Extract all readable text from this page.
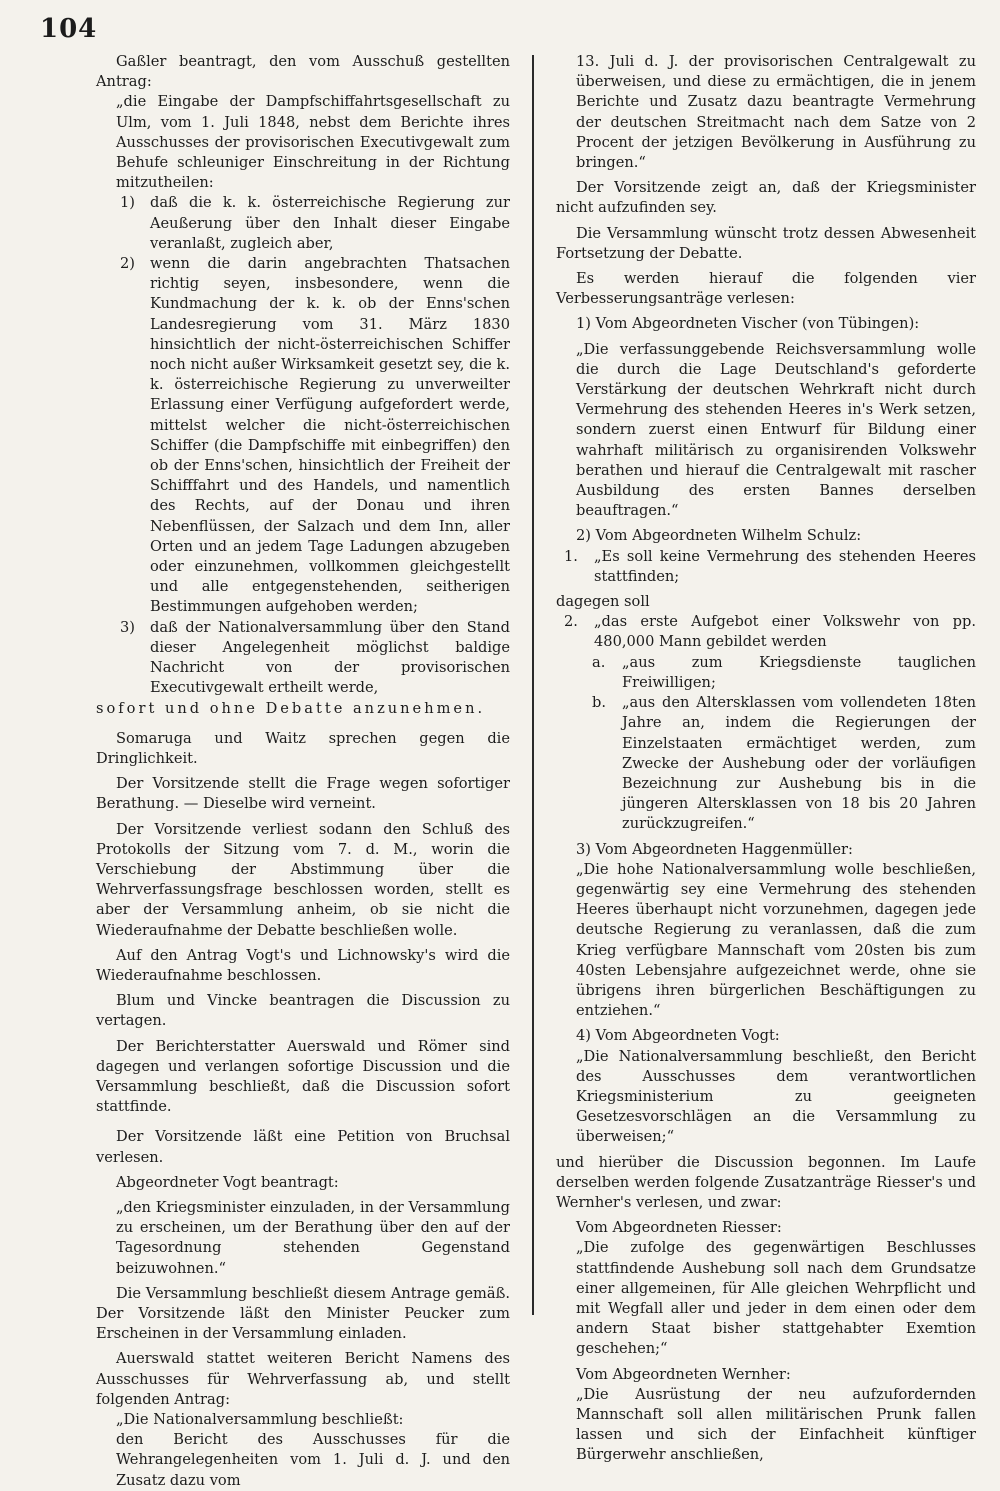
104

Gaßler beantragt, den vom Ausschuß gestellten Antrag:

„die Eingabe der Dampfschiffahrtsgesellschaft zu Ulm, vom 1. Juli 1848, nebst dem Berichte ihres Ausschusses der provisorischen Executivgewalt zum Behufe schleuniger Einschreitung in der Richtung mitzutheilen:

1)	daß die k. k. österreichische Regierung zur Aeußerung über den Inhalt dieser Eingabe veranlaßt, zugleich aber,
2)	wenn die darin angebrachten Thatsachen richtig seyen, insbesondere, wenn die Kundmachung der k. k. ob der Enns'schen Landesregierung vom 31. März 1830 hinsichtlich der nicht-österreichischen Schiffer noch nicht außer Wirksamkeit gesetzt sey, die k. k. österreichische Regierung zu unverweilter Erlassung einer Verfügung aufgefordert werde, mittelst welcher die nicht-österreichischen Schiffer (die Dampfschiffe mit einbegriffen) den ob der Enns'schen, hinsichtlich der Freiheit der Schifffahrt und des Handels, und namentlich des Rechts, auf der Donau und ihren Nebenflüssen, der Salzach und dem Inn, aller Orten und an jedem Tage Ladungen abzugeben oder einzunehmen, vollkommen gleichgestellt und alle entgegenstehenden, seitherigen Bestimmungen aufgehoben werden;
3)	daß der Nationalversammlung über den Stand dieser Angelegenheit möglichst baldige Nachricht von der provisorischen Executivgewalt ertheilt werde,

sofort und ohne Debatte anzunehmen.

Somaruga und Waitz sprechen gegen die Dringlichkeit.

Der Vorsitzende stellt die Frage wegen sofortiger Berathung. — Dieselbe wird verneint.

Der Vorsitzende verliest sodann den Schluß des Protokolls der Sitzung vom 7. d. M., worin die Verschiebung der Abstimmung über die Wehrverfassungsfrage beschlossen worden, stellt es aber der Versammlung anheim, ob sie nicht die Wiederaufnahme der Debatte beschließen wolle.

Auf den Antrag Vogt's und Lichnowsky's wird die Wiederaufnahme beschlossen.

Blum und Vincke beantragen die Discussion zu vertagen.

Der Berichterstatter Auerswald und Römer sind dagegen und verlangen sofortige Discussion und die Versammlung beschließt, daß die Discussion sofort stattfinde.

Der Vorsitzende läßt eine Petition von Bruchsal verlesen.

Abgeordneter Vogt beantragt:

„den Kriegsminister einzuladen, in der Versammlung zu erscheinen, um der Berathung über den auf der Tagesordnung stehenden Gegenstand beizuwohnen.“

Die Versammlung beschließt diesem Antrage gemäß. Der Vorsitzende läßt den Minister Peucker zum Erscheinen in der Versammlung einladen.

Auerswald stattet weiteren Bericht Namens des Ausschusses für Wehrverfassung ab, und stellt folgenden Antrag:

„Die Nationalversammlung beschließt:

den Bericht des Ausschusses für die Wehrangelegenheiten vom 1. Juli d. J. und den Zusatz dazu vom

13. Juli d. J. der provisorischen Centralgewalt zu überweisen, und diese zu ermächtigen, die in jenem Berichte und Zusatz dazu beantragte Vermehrung der deutschen Streitmacht nach dem Satze von 2 Procent der jetzigen Bevölkerung in Ausführung zu bringen.“

Der Vorsitzende zeigt an, daß der Kriegsminister nicht aufzufinden sey.

Die Versammlung wünscht trotz dessen Abwesenheit Fortsetzung der Debatte.

Es werden hierauf die folgenden vier Verbesserungsanträge verlesen:

1) Vom Abgeordneten Vischer (von Tübingen):

„Die verfassunggebende Reichsversammlung wolle die durch die Lage Deutschland's geforderte Verstärkung der deutschen Wehrkraft nicht durch Vermehrung des stehenden Heeres in's Werk setzen, sondern zuerst einen Entwurf für Bildung einer wahrhaft militärisch zu organisirenden Volkswehr berathen und hierauf die Centralgewalt mit rascher Ausbildung des ersten Bannes derselben beauftragen.“

2) Vom Abgeordneten Wilhelm Schulz:

1.	„Es soll keine Vermehrung des stehenden Heeres stattfinden;

dagegen soll

2.	„das erste Aufgebot einer Volkswehr von pp. 480,000 Mann gebildet werden
a.	„aus zum Kriegsdienste tauglichen Freiwilligen;
b.	„aus den Altersklassen vom vollendeten 18ten Jahre an, indem die Regierungen der Einzelstaaten ermächtiget werden, zum Zwecke der Aushebung oder der vorläufigen Bezeichnung zur Aushebung bis in die jüngeren Altersklassen von 18 bis 20 Jahren zurückzugreifen.“

3) Vom Abgeordneten Haggenmüller:

„Die hohe Nationalversammlung wolle beschließen, gegenwärtig sey eine Vermehrung des stehenden Heeres überhaupt nicht vorzunehmen, dagegen jede deutsche Regierung zu veranlassen, daß die zum Krieg verfügbare Mannschaft vom 20sten bis zum 40sten Lebensjahre aufgezeichnet werde, ohne sie übrigens ihren bürgerlichen Beschäftigungen zu entziehen.“

4) Vom Abgeordneten Vogt:

„Die Nationalversammlung beschließt, den Bericht des Ausschusses dem verantwortlichen Kriegsministerium zu geeigneten Gesetzesvorschlägen an die Versammlung zu überweisen;“

und hierüber die Discussion begonnen. Im Laufe derselben werden folgende Zusatzanträge Riesser's und Wernher's verlesen, und zwar:

Vom Abgeordneten Riesser:

„Die zufolge des gegenwärtigen Beschlusses stattfindende Aushebung soll nach dem Grundsatze einer allgemeinen, für Alle gleichen Wehrpflicht und mit Wegfall aller und jeder in dem einen oder dem andern Staat bisher stattgehabter Exemtion geschehen;“

Vom Abgeordneten Wernher:

„Die Ausrüstung der neu aufzufordernden Mannschaft soll allen militärischen Prunk fallen lassen und sich der Einfachheit künftiger Bürgerwehr anschließen,
